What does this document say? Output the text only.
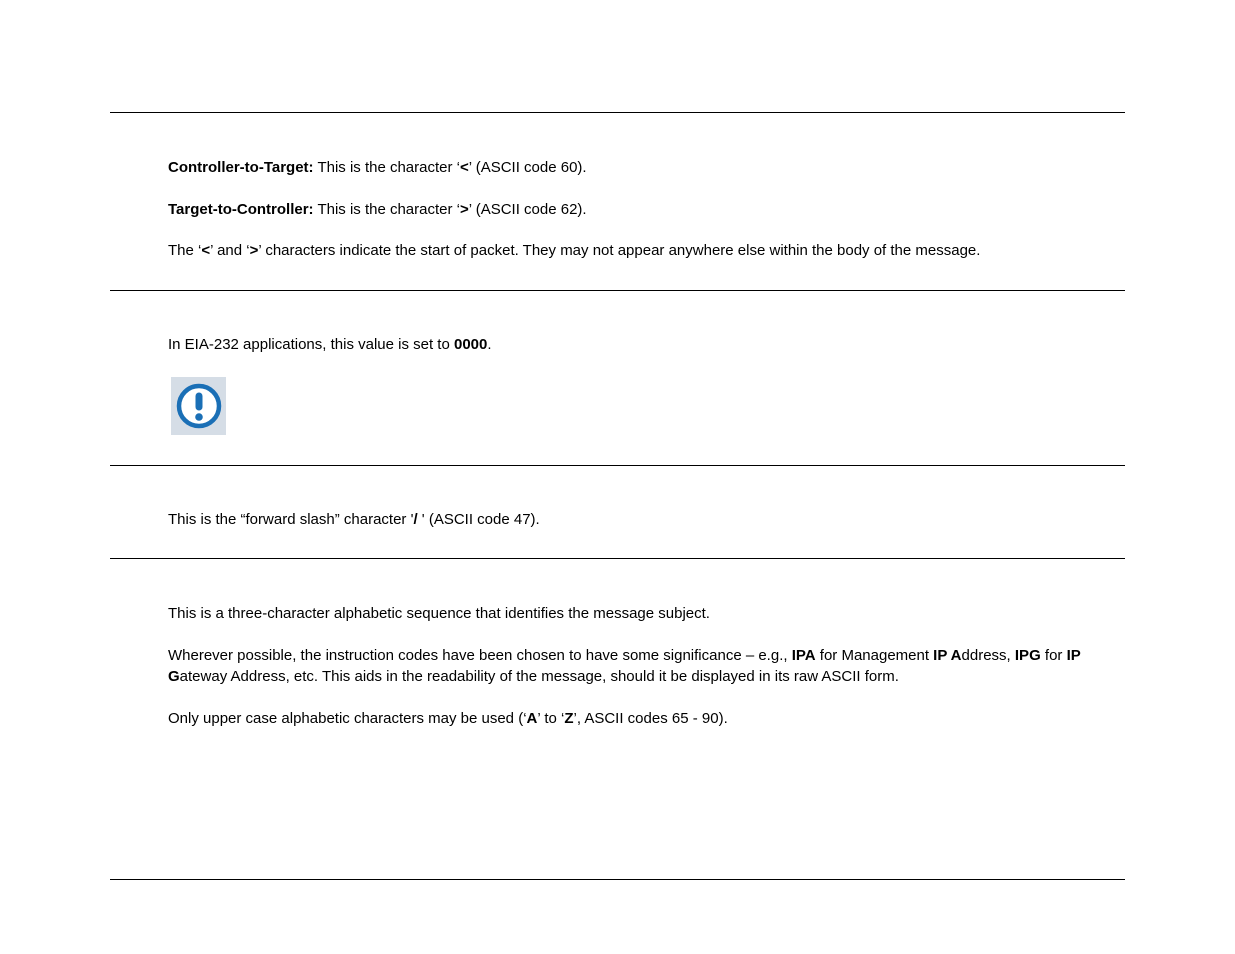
Controller-to-Target: This is the character ‘<’ (ASCII code 60).

Target-to-Controller: This is the character ‘>’ (ASCII code 62).

The ‘<’ and ‘>’ characters indicate the start of packet. They may not appear anywhere else within the body of the message.

In EIA-232 applications, this value is set to 0000.

This is the “forward slash” character '/ ' (ASCII code 47).

This is a three-character alphabetic sequence that identifies the message subject.

Wherever possible, the instruction codes have been chosen to have some significance – e.g., IPA for Management IP Address, IPG for IP Gateway Address, etc. This aids in the readability of the message, should it be displayed in its raw ASCII form.

Only upper case alphabetic characters may be used (‘A’ to ‘Z’, ASCII codes 65 - 90).
